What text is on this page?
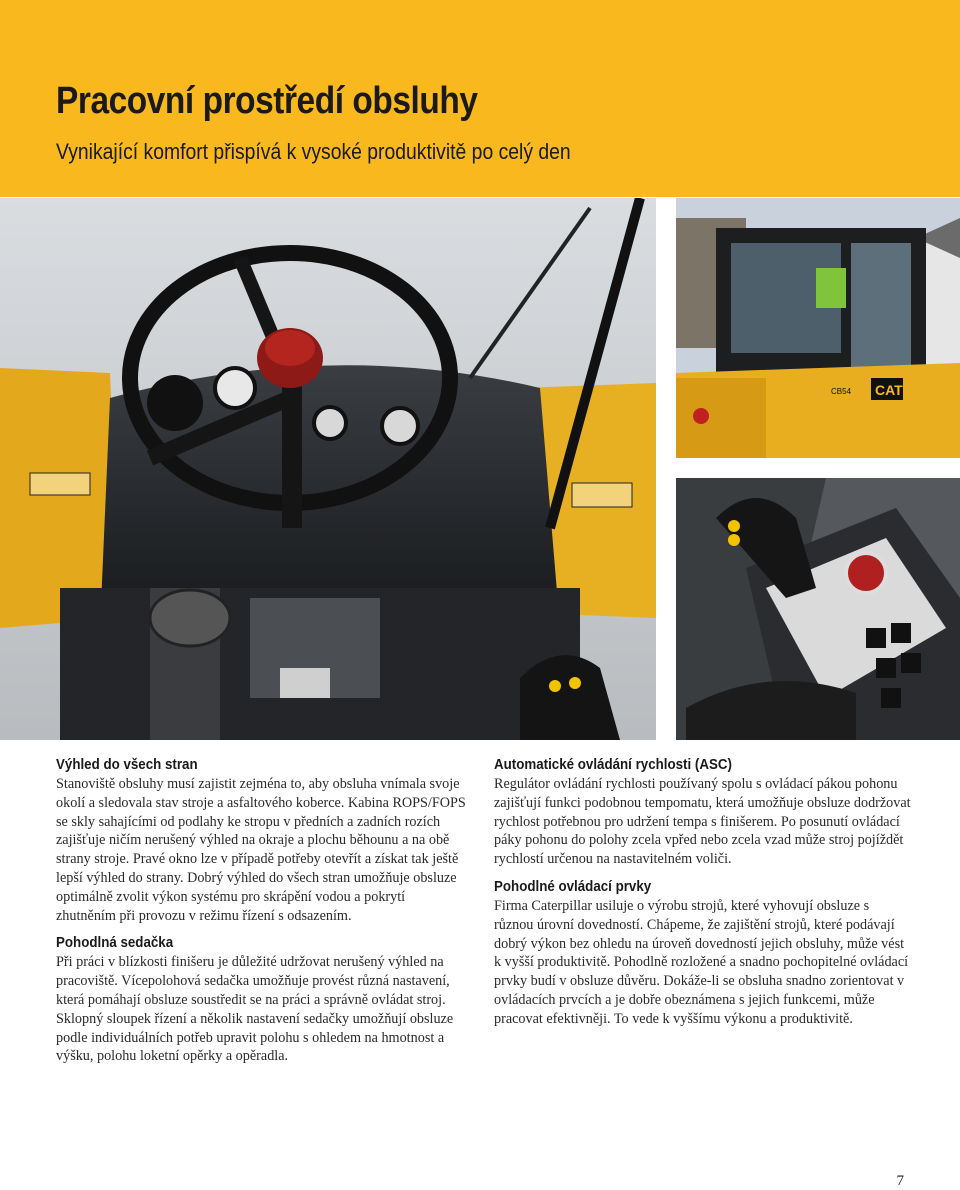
Pracovní prostředí obsluhy

Vynikající komfort přispívá k vysoké produktivitě po celý den

CAT
CB54
Výhled do všech stran

Stanoviště obsluhy musí zajistit zejména to, aby obsluha vnímala svoje okolí a sledovala stav stroje a asfaltového koberce. Kabina ROPS/FOPS se skly sahajícími od podlahy ke stropu v předních a zadních rozích zajišťuje ničím nerušený výhled na okraje a plochu běhounu a na obě strany stroje. Pravé okno lze v případě potřeby otevřít a získat tak ještě lepší výhled do strany. Dobrý výhled do všech stran umožňuje obsluze optimálně zvolit výkon systému pro skrápění vodou a pokrytí zhutněním při provozu v režimu řízení s odsazením.

Pohodlná sedačka

Při práci v blízkosti finišeru je důležité udržovat nerušený výhled na pracoviště. Vícepolohová sedačka umožňuje provést různá nastavení, která pomáhají obsluze soustředit se na práci a správně ovládat stroj. Sklopný sloupek řízení a několik nastavení sedačky umožňují obsluze podle individuálních potřeb upravit polohu s ohledem na hmotnost a výšku, polohu loketní opěrky a opěradla.

Automatické ovládání rychlosti (ASC)

Regulátor ovládání rychlosti používaný spolu s ovládací pákou pohonu zajišťují funkci podobnou tempomatu, která umožňuje obsluze dodržovat rychlost potřebnou pro udržení tempa s finišerem. Po posunutí ovládací páky pohonu do polohy zcela vpřed nebo zcela vzad může stroj pojíždět rychlostí určenou na nastavitelném voliči.

Pohodlné ovládací prvky

Firma Caterpillar usiluje o výrobu strojů, které vyhovují obsluze s různou úrovní dovedností. Chápeme, že zajištění strojů, které podávají dobrý výkon bez ohledu na úroveň dovedností jejich obsluhy, může vést k vyšší produktivitě. Pohodlně rozložené a snadno pochopitelné ovládací prvky budí v obsluze důvěru. Dokáže-li se obsluha snadno zorientovat v ovládacích prvcích a je dobře obeznámena s jejich funkcemi, může pracovat efektivněji. To vede k vyššímu výkonu a produktivitě.

7
